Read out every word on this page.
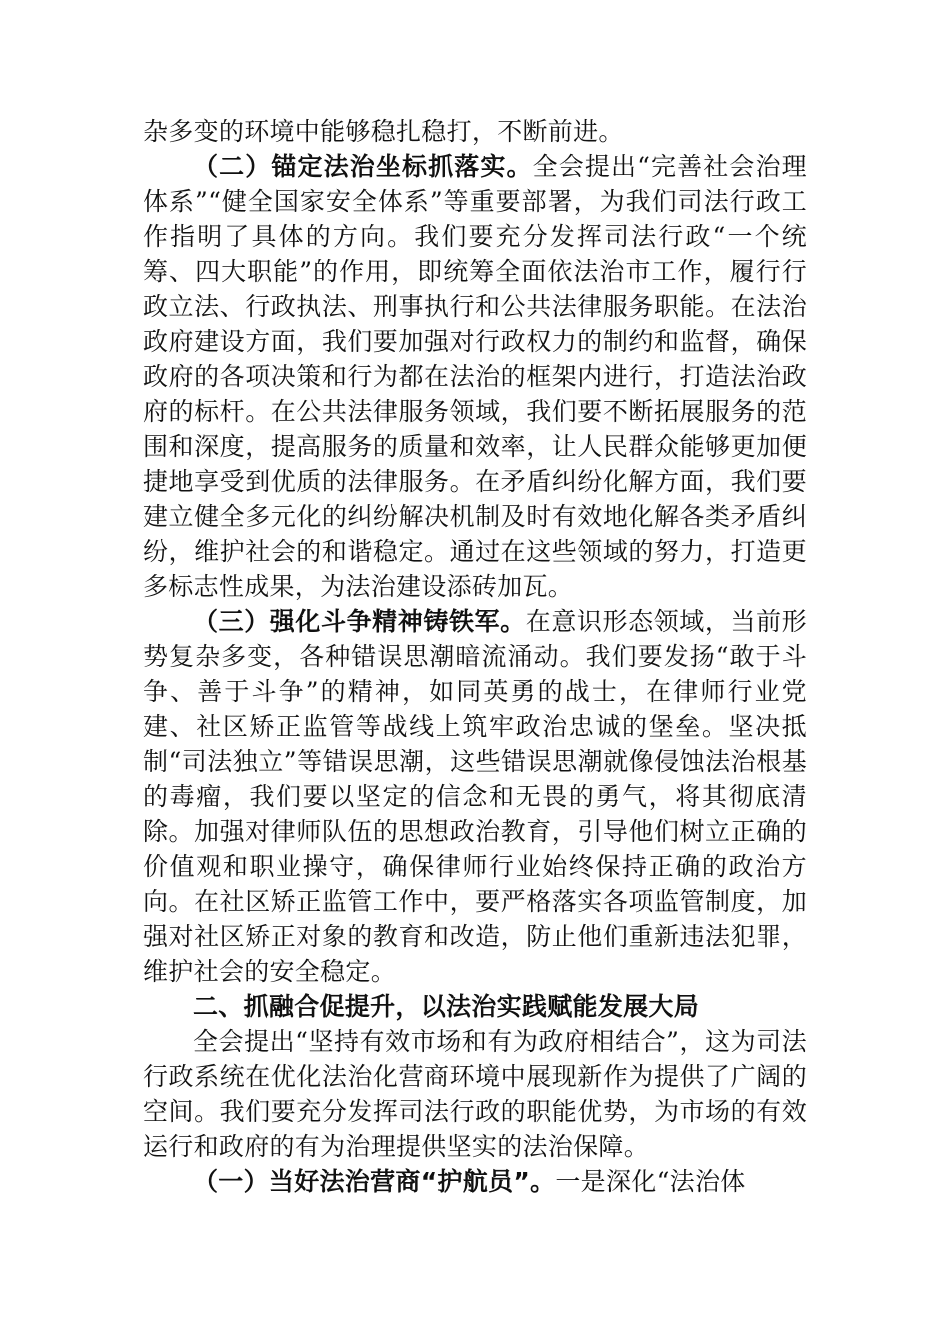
杂多变的环境中能够稳扎稳打，不断前进。

（二）锚定法治坐标抓落实。全会提出“完善社会治理体系”“健全国家安全体系”等重要部署，为我们司法行政工作指明了具体的方向。我们要充分发挥司法行政“一个统筹、四大职能”的作用，即统筹全面依法治市工作，履行行政立法、行政执法、刑事执行和公共法律服务职能。在法治政府建设方面，我们要加强对行政权力的制约和监督，确保政府的各项决策和行为都在法治的框架内进行，打造法治政府的标杆。在公共法律服务领域，我们要不断拓展服务的范围和深度，提高服务的质量和效率，让人民群众能够更加便捷地享受到优质的法律服务。在矛盾纠纷化解方面，我们要建立健全多元化的纠纷解决机制及时有效地化解各类矛盾纠纷，维护社会的和谐稳定。通过在这些领域的努力，打造更多标志性成果，为法治建设添砖加瓦。

（三）强化斗争精神铸铁军。在意识形态领域，当前形势复杂多变，各种错误思潮暗流涌动。我们要发扬“敢于斗争、善于斗争”的精神，如同英勇的战士，在律师行业党建、社区矫正监管等战线上筑牢政治忠诚的堡垒。坚决抵制“司法独立”等错误思潮，这些错误思潮就像侵蚀法治根基的毒瘤，我们要以坚定的信念和无畏的勇气，将其彻底清除。加强对律师队伍的思想政治教育，引导他们树立正确的价值观和职业操守，确保律师行业始终保持正确的政治方向。在社区矫正监管工作中，要严格落实各项监管制度，加强对社区矫正对象的教育和改造，防止他们重新违法犯罪，维护社会的安全稳定。

二、抓融合促提升，以法治实践赋能发展大局

全会提出“坚持有效市场和有为政府相结合”，这为司法行政系统在优化法治化营商环境中展现新作为提供了广阔的空间。我们要充分发挥司法行政的职能优势，为市场的有效运行和政府的有为治理提供坚实的法治保障。

（一）当好法治营商“护航员”。一是深化“法治体
